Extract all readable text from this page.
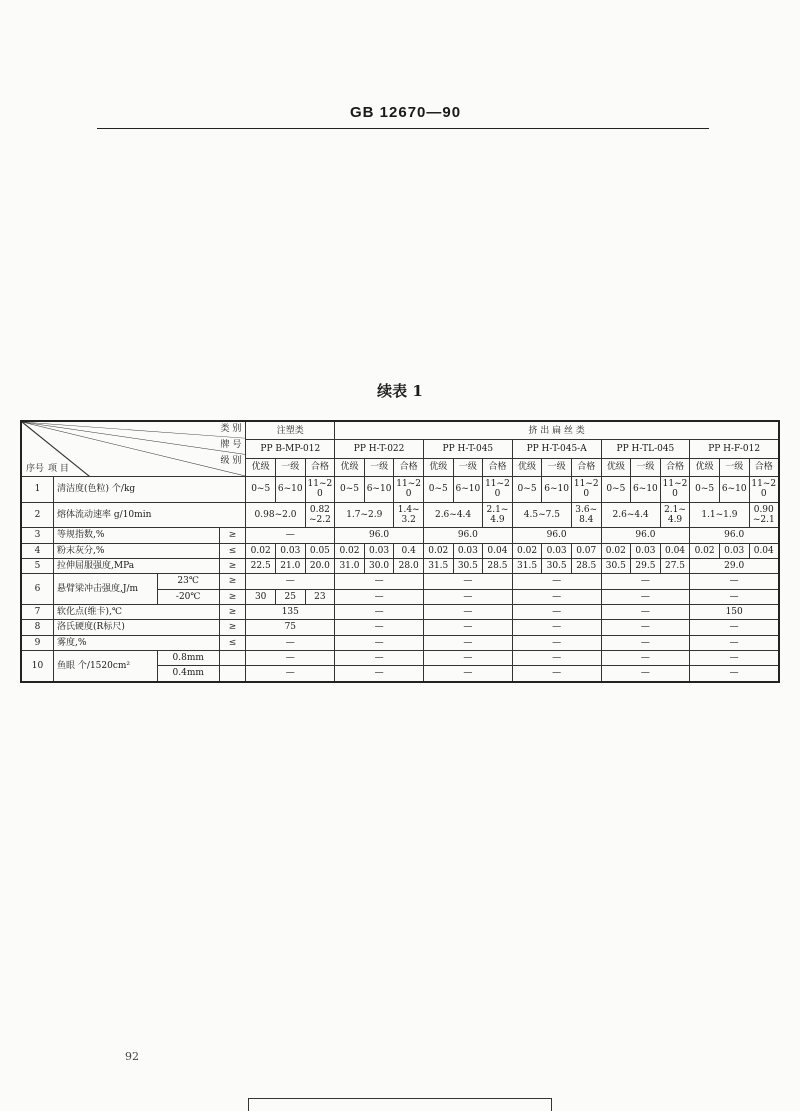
GB 12670—90
续表 1
类 别
牌 号
级 别
序号 项 目				注塑类			挤 出 扁 丝 类														
				PP B-MP-012			PP H-T-022			PP H-T-045			PP H-T-045-A			PP H-TL-045			PP H-F-012		
				优级	一级	合格	优级	一级	合格	优级	一级	合格	优级	一级	合格	优级	一级	合格	优级	一级	合格
1	清洁度(色粒) 个/kg			0~5	6~10	11~20	0~5	6~10	11~20	0~5	6~10	11~20	0~5	6~10	11~20	0~5	6~10	11~20	0~5	6~10	11~20
2	熔体流动速率 g/10min			0.98~2.0		0.82~2.2	1.7~2.9		1.4~3.2	2.6~4.4		2.1~4.9	4.5~7.5		3.6~8.4	2.6~4.4		2.1~4.9	1.1~1.9		0.90~2.1
3	等规指数,%		≥	—			96.0			96.0			96.0			96.0			96.0		
4	粉末灰分,%		≤	0.02	0.03	0.05	0.02	0.03	0.4	0.02	0.03	0.04	0.02	0.03	0.07	0.02	0.03	0.04	0.02	0.03	0.04
5	拉伸屈服强度,MPa		≥	22.5	21.0	20.0	31.0	30.0	28.0	31.5	30.5	28.5	31.5	30.5	28.5	30.5	29.5	27.5	29.0		
6	悬臂梁冲击强度,J/m	23℃	≥	—			—			—			—			—			—		
		-20℃	≥	30	25	23	—			—			—			—			—		
7	软化点(维卡),℃		≥	135			—			—			—			—			150		
8	洛氏硬度(R标尺)		≥	75			—			—			—			—			—		
9	雾度,%		≤	—			—			—			—			—			—		
10	鱼眼 个/1520cm²	0.8mm		—			—			—			—			—			—		
		0.4mm		—			—			—			—			—			—		
92
